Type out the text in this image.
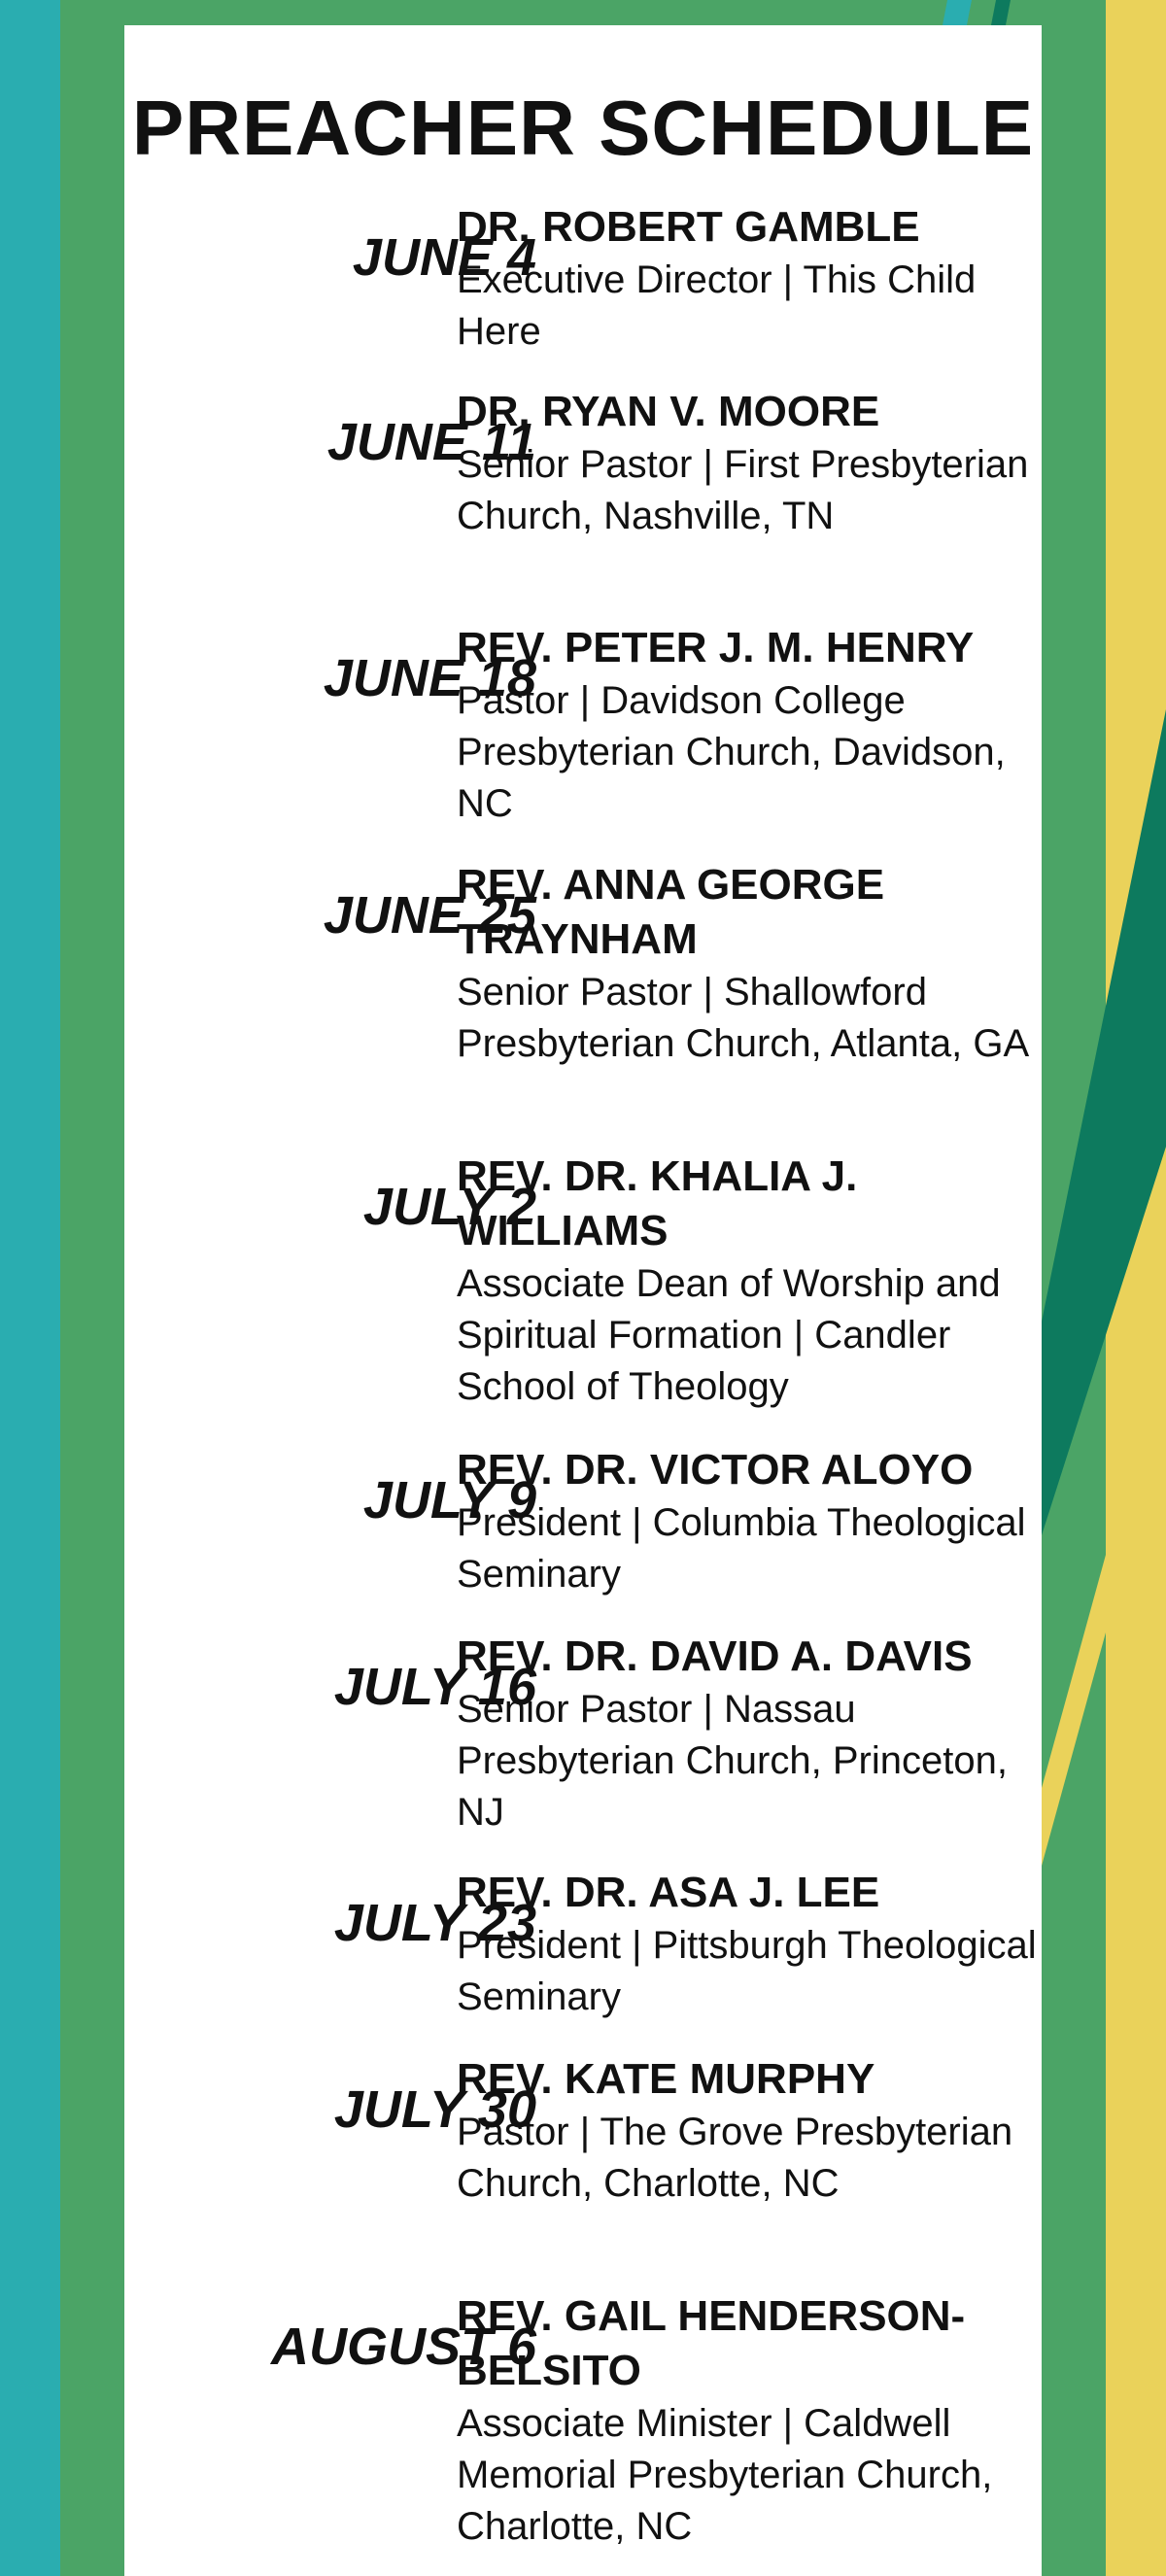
PREACHER SCHEDULE
JUNE 4
DR. ROBERT GAMBLE
Executive Director | This Child Here
JUNE 11
DR. RYAN V. MOORE
Senior Pastor | First Presbyterian Church, Nashville, TN
JUNE 18
REV. PETER J. M. HENRY
Pastor | Davidson College Presbyterian Church, Davidson, NC
JUNE 25
REV. ANNA GEORGE TRAYNHAM
Senior Pastor | Shallowford Presbyterian Church, Atlanta, GA
JULY 2
REV. DR. KHALIA J. WILLIAMS
Associate Dean of Worship and Spiritual Formation | Candler School of Theology
JULY 9
REV. DR. VICTOR ALOYO
President | Columbia Theological Seminary
JULY 16
REV. DR. DAVID A. DAVIS
Senior Pastor | Nassau Presbyterian Church, Princeton, NJ
JULY 23
REV. DR. ASA J. LEE
President | Pittsburgh Theological Seminary
JULY 30
REV. KATE MURPHY
Pastor | The Grove Presbyterian Church, Charlotte, NC
AUGUST 6
REV. GAIL HENDERSON-BELSITO
Associate Minister | Caldwell Memorial Presbyterian Church, Charlotte, NC
